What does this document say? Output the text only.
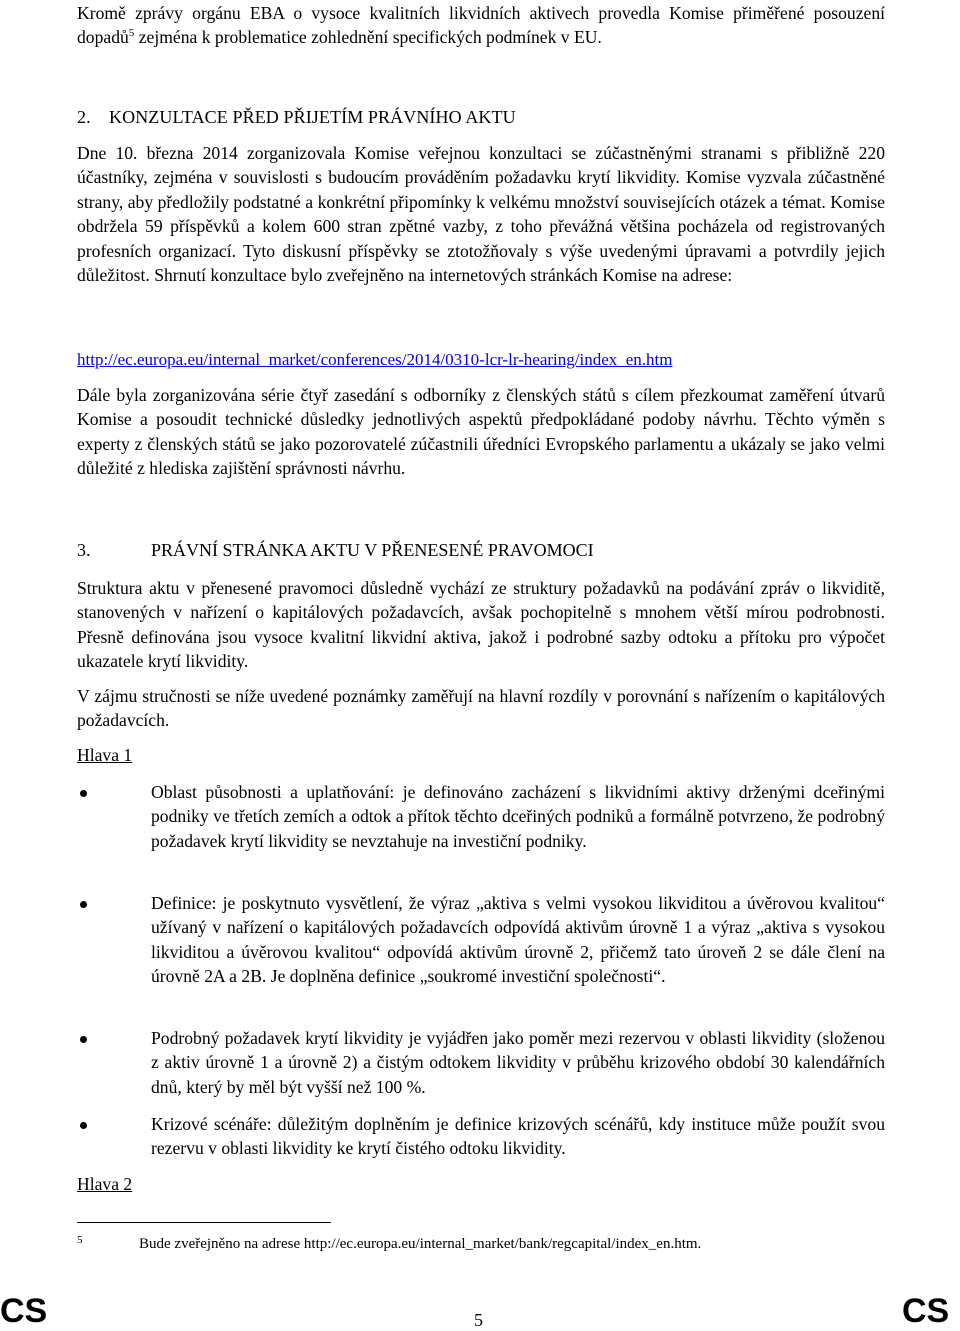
Kromě zprávy orgánu EBA o vysoce kvalitních likvidních aktivech provedla Komise přiměřené posouzení dopadů$^5$ zejména k problematice zohlednění specifických podmínek v EU.

2. KONZULTACE PŘED PŘIJETÍM PRÁVNÍHO AKTU

Dne 10. března 2014 zorganizovala Komise veřejnou konzultaci se zúčastněnými stranami s přibližně 220 účastníky, zejména v souvislosti s budoucím prováděním požadavku krytí likvidity. Komise vyzvala zúčastněné strany, aby předložily podstatné a konkrétní připomínky k velkému množství souvisejících otázek a témat. Komise obdržela 59 příspěvků a kolem 600 stran zpětné vazby, z toho převážná většina pocházela od registrovaných profesních organizací. Tyto diskusní příspěvky se ztotožňovaly s výše uvedenými úpravami a potvrdily jejich důležitost. Shrnutí konzultace bylo zveřejněno na internetových stránkách Komise na adrese:

http://ec.europa.eu/internal_market/conferences/2014/0310-lcr-lr-hearing/index_en.htm

Dále byla zorganizována série čtyř zasedání s odborníky z členských států s cílem přezkoumat zaměření útvarů Komise a posoudit technické důsledky jednotlivých aspektů předpokládané podoby návrhu. Těchto výměn s experty z členských států se jako pozorovatelé zúčastnili úředníci Evropského parlamentu a ukázaly se jako velmi důležité z hlediska zajištění správnosti návrhu.

3.	PRÁVNÍ STRÁNKA AKTU V PŘENESENÉ PRAVOMOCI

Struktura aktu v přenesené pravomoci důsledně vychází ze struktury požadavků na podávání zpráv o likviditě, stanovených v nařízení o kapitálových požadavcích, avšak pochopitelně s mnohem větší mírou podrobnosti. Přesně definována jsou vysoce kvalitní likvidní aktiva, jakož i podrobné sazby odtoku a přítoku pro výpočet ukazatele krytí likvidity.

V zájmu stručnosti se níže uvedené poznámky zaměřují na hlavní rozdíly v porovnání s nařízením o kapitálových požadavcích.

Hlava 1

Oblast působnosti a uplatňování: je definováno zacházení s likvidními aktivy drženými dceřinými podniky ve třetích zemích a odtok a přítok těchto dceřiných podniků a formálně potvrzeno, že podrobný požadavek krytí likvidity se nevztahuje na investiční podniky.

Definice: je poskytnuto vysvětlení, že výraz „aktiva s velmi vysokou likviditou a úvěrovou kvalitou“ užívaný v nařízení o kapitálových požadavcích odpovídá aktivům úrovně 1 a výraz „aktiva s vysokou likviditou a úvěrovou kvalitou“ odpovídá aktivům úrovně 2, přičemž tato úroveň 2 se dále člení na úrovně 2A a 2B. Je doplněna definice „soukromé investiční společnosti“.

Podrobný požadavek krytí likvidity je vyjádřen jako poměr mezi rezervou v oblasti likvidity (složenou z aktiv úrovně 1 a úrovně 2) a čistým odtokem likvidity v průběhu krizového období 30 kalendářních dnů, který by měl být vyšší než 100 %.

Krizové scénáře: důležitým doplněním je definice krizových scénářů, kdy instituce může použít svou rezervu v oblasti likvidity ke krytí čistého odtoku likvidity.

Hlava 2
5	Bude zveřejněno na adrese http://ec.europa.eu/internal_market/bank/regcapital/index_en.htm.
CS	5	CS
